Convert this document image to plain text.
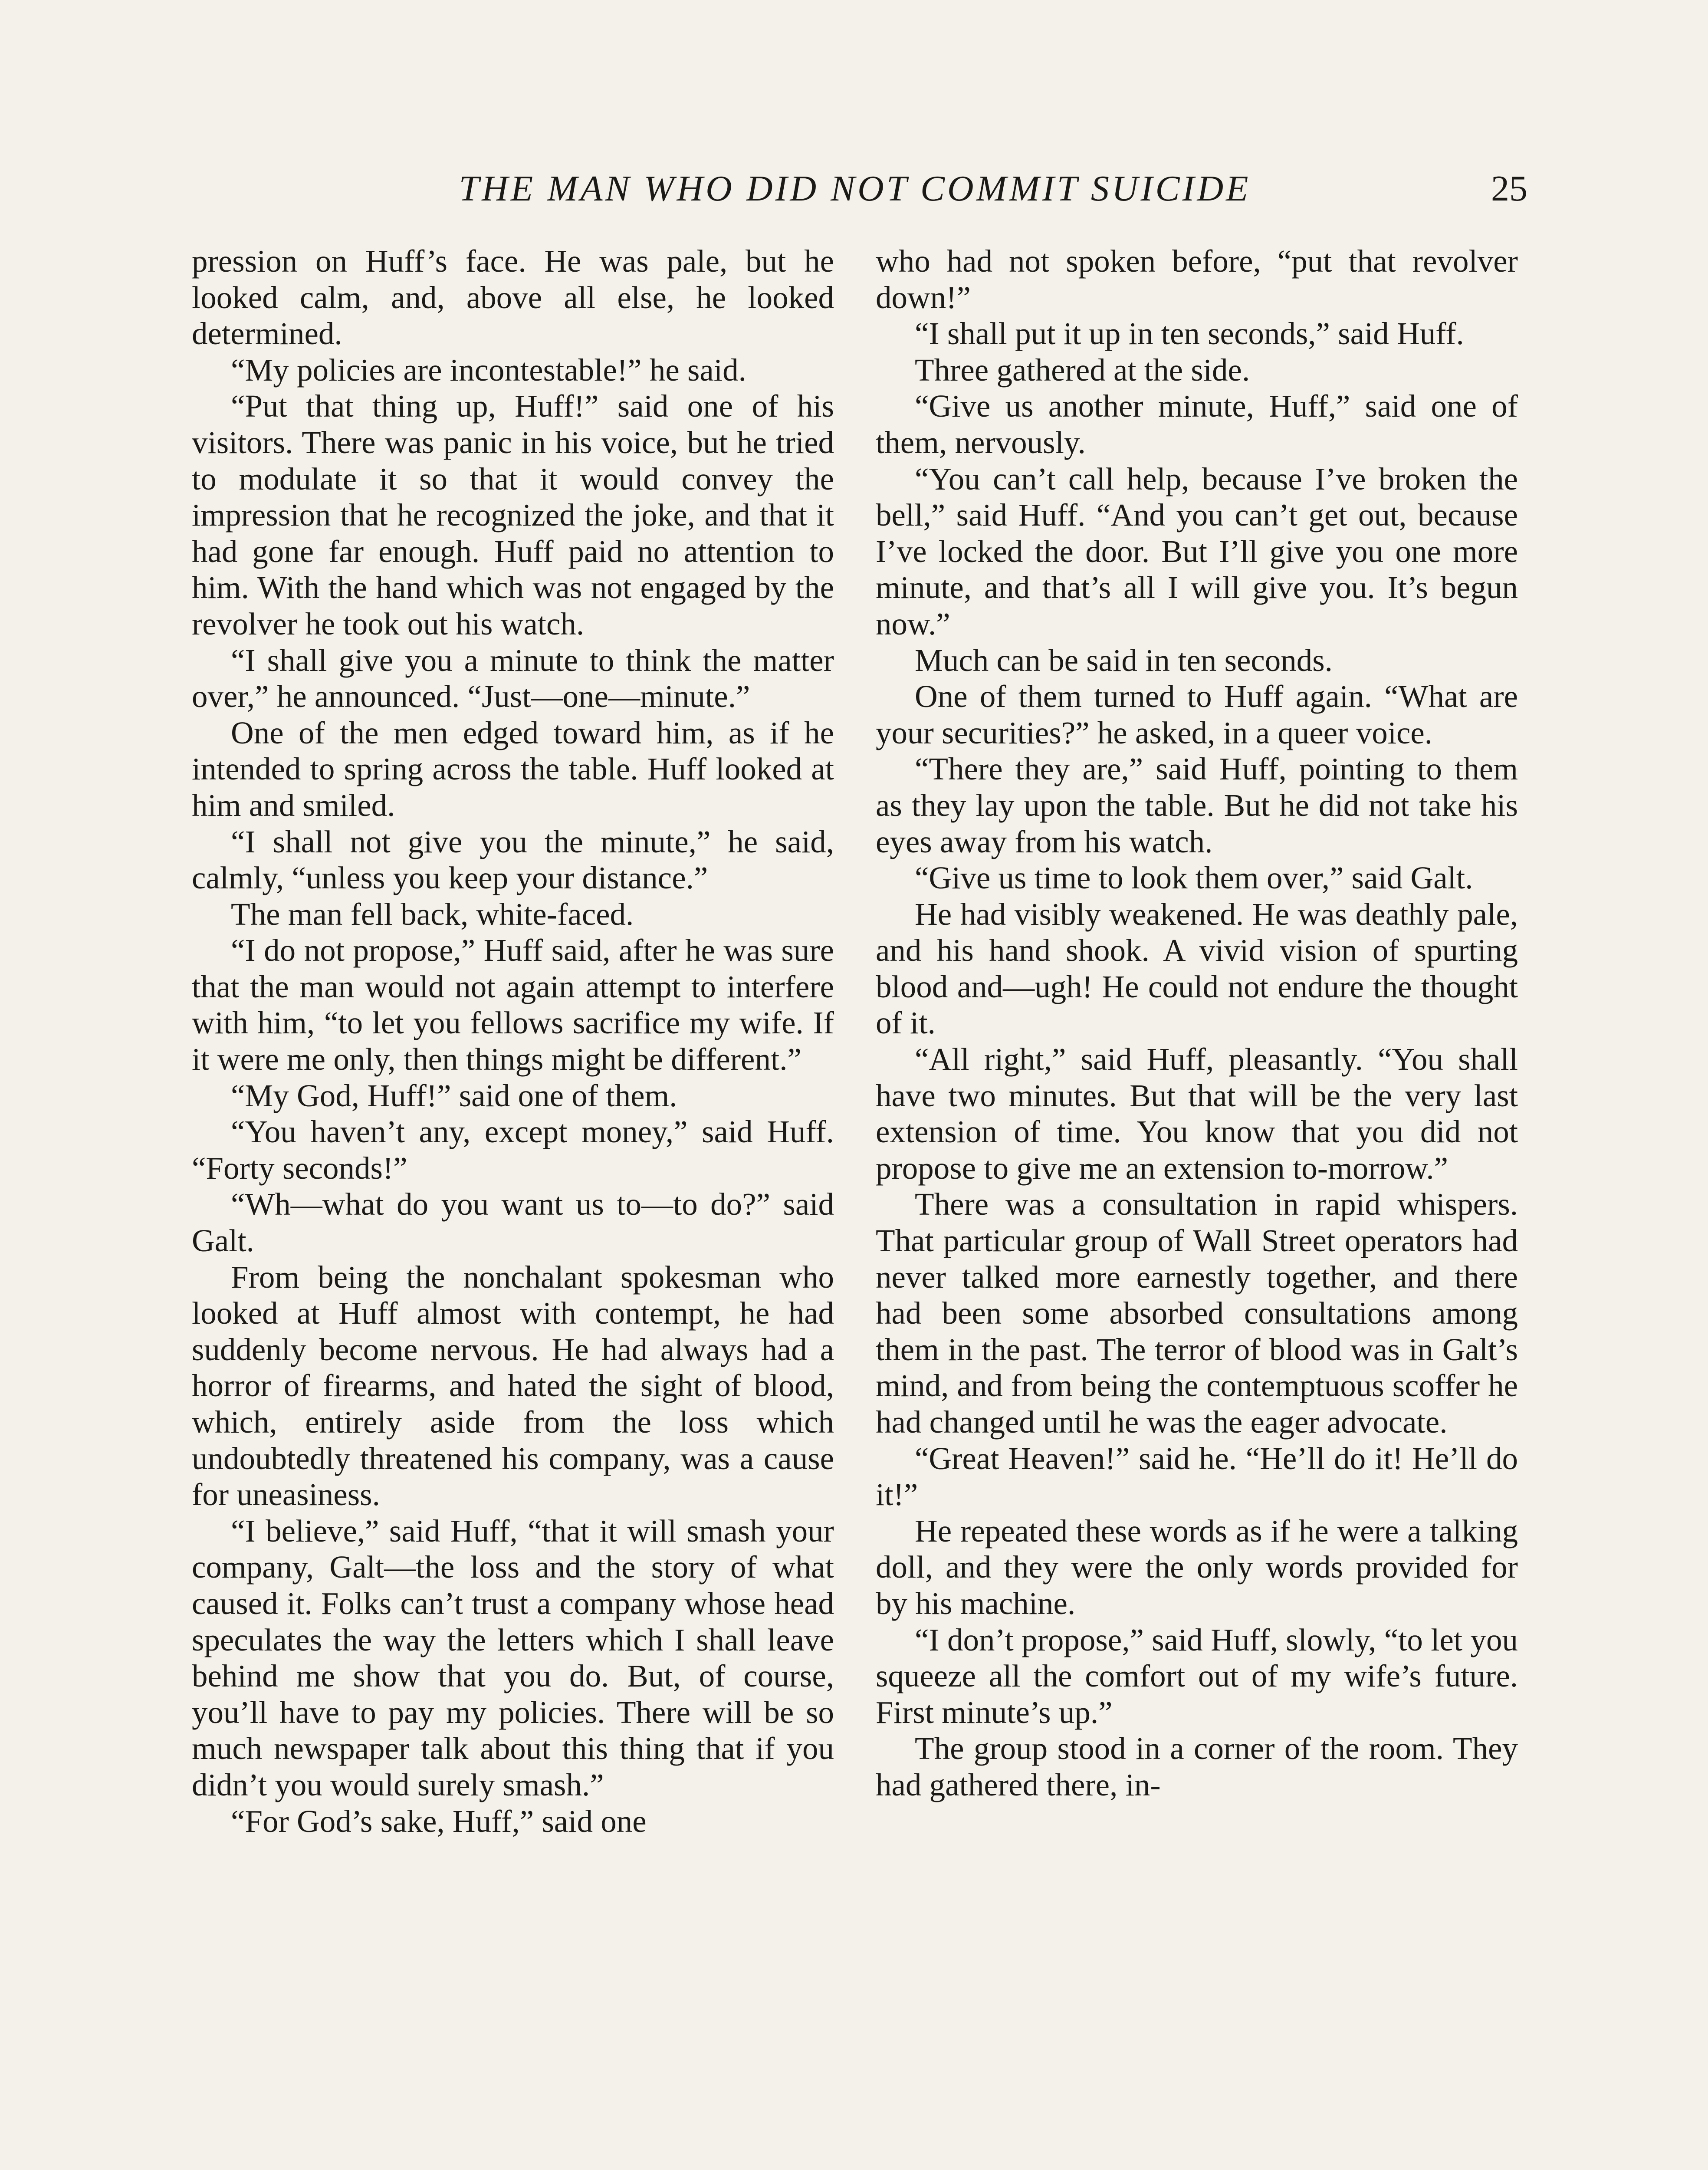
THE MAN WHO DID NOT COMMIT SUICIDE	25

pression on Huff’s face. He was pale, but he looked calm, and, above all else, he looked determined.

“My policies are incontestable!” he said.

“Put that thing up, Huff!” said one of his visitors. There was panic in his voice, but he tried to modulate it so that it would convey the impression that he recognized the joke, and that it had gone far enough. Huff paid no attention to him. With the hand which was not engaged by the revolver he took out his watch.

“I shall give you a minute to think the matter over,” he announced. “Just—one—minute.”

One of the men edged toward him, as if he intended to spring across the table. Huff looked at him and smiled.

“I shall not give you the minute,” he said, calmly, “unless you keep your distance.”

The man fell back, white-faced.

“I do not propose,” Huff said, after he was sure that the man would not again attempt to interfere with him, “to let you fellows sacrifice my wife. If it were me only, then things might be different.”

“My God, Huff!” said one of them.

“You haven’t any, except money,” said Huff. “Forty seconds!”

“Wh—what do you want us to—to do?” said Galt.

From being the nonchalant spokesman who looked at Huff almost with contempt, he had suddenly become nervous. He had always had a horror of firearms, and hated the sight of blood, which, entirely aside from the loss which undoubtedly threatened his company, was a cause for uneasiness.

“I believe,” said Huff, “that it will smash your company, Galt—the loss and the story of what caused it. Folks can’t trust a company whose head speculates the way the letters which I shall leave behind me show that you do. But, of course, you’ll have to pay my policies. There will be so much newspaper talk about this thing that if you didn’t you would surely smash.”

“For God’s sake, Huff,” said one

who had not spoken before, “put that revolver down!”

“I shall put it up in ten seconds,” said Huff.

Three gathered at the side.

“Give us another minute, Huff,” said one of them, nervously.

“You can’t call help, because I’ve broken the bell,” said Huff. “And you can’t get out, because I’ve locked the door. But I’ll give you one more minute, and that’s all I will give you. It’s begun now.”

Much can be said in ten seconds.

One of them turned to Huff again. “What are your securities?” he asked, in a queer voice.

“There they are,” said Huff, pointing to them as they lay upon the table. But he did not take his eyes away from his watch.

“Give us time to look them over,” said Galt.

He had visibly weakened. He was deathly pale, and his hand shook. A vivid vision of spurting blood and—ugh! He could not endure the thought of it.

“All right,” said Huff, pleasantly. “You shall have two minutes. But that will be the very last extension of time. You know that you did not propose to give me an extension to-morrow.”

There was a consultation in rapid whispers. That particular group of Wall Street operators had never talked more earnestly together, and there had been some absorbed consultations among them in the past. The terror of blood was in Galt’s mind, and from being the contemptuous scoffer he had changed until he was the eager advocate.

“Great Heaven!” said he. “He’ll do it! He’ll do it!”

He repeated these words as if he were a talking doll, and they were the only words provided for by his machine.

“I don’t propose,” said Huff, slowly, “to let you squeeze all the comfort out of my wife’s future. First minute’s up.”

The group stood in a corner of the room. They had gathered there, in-
